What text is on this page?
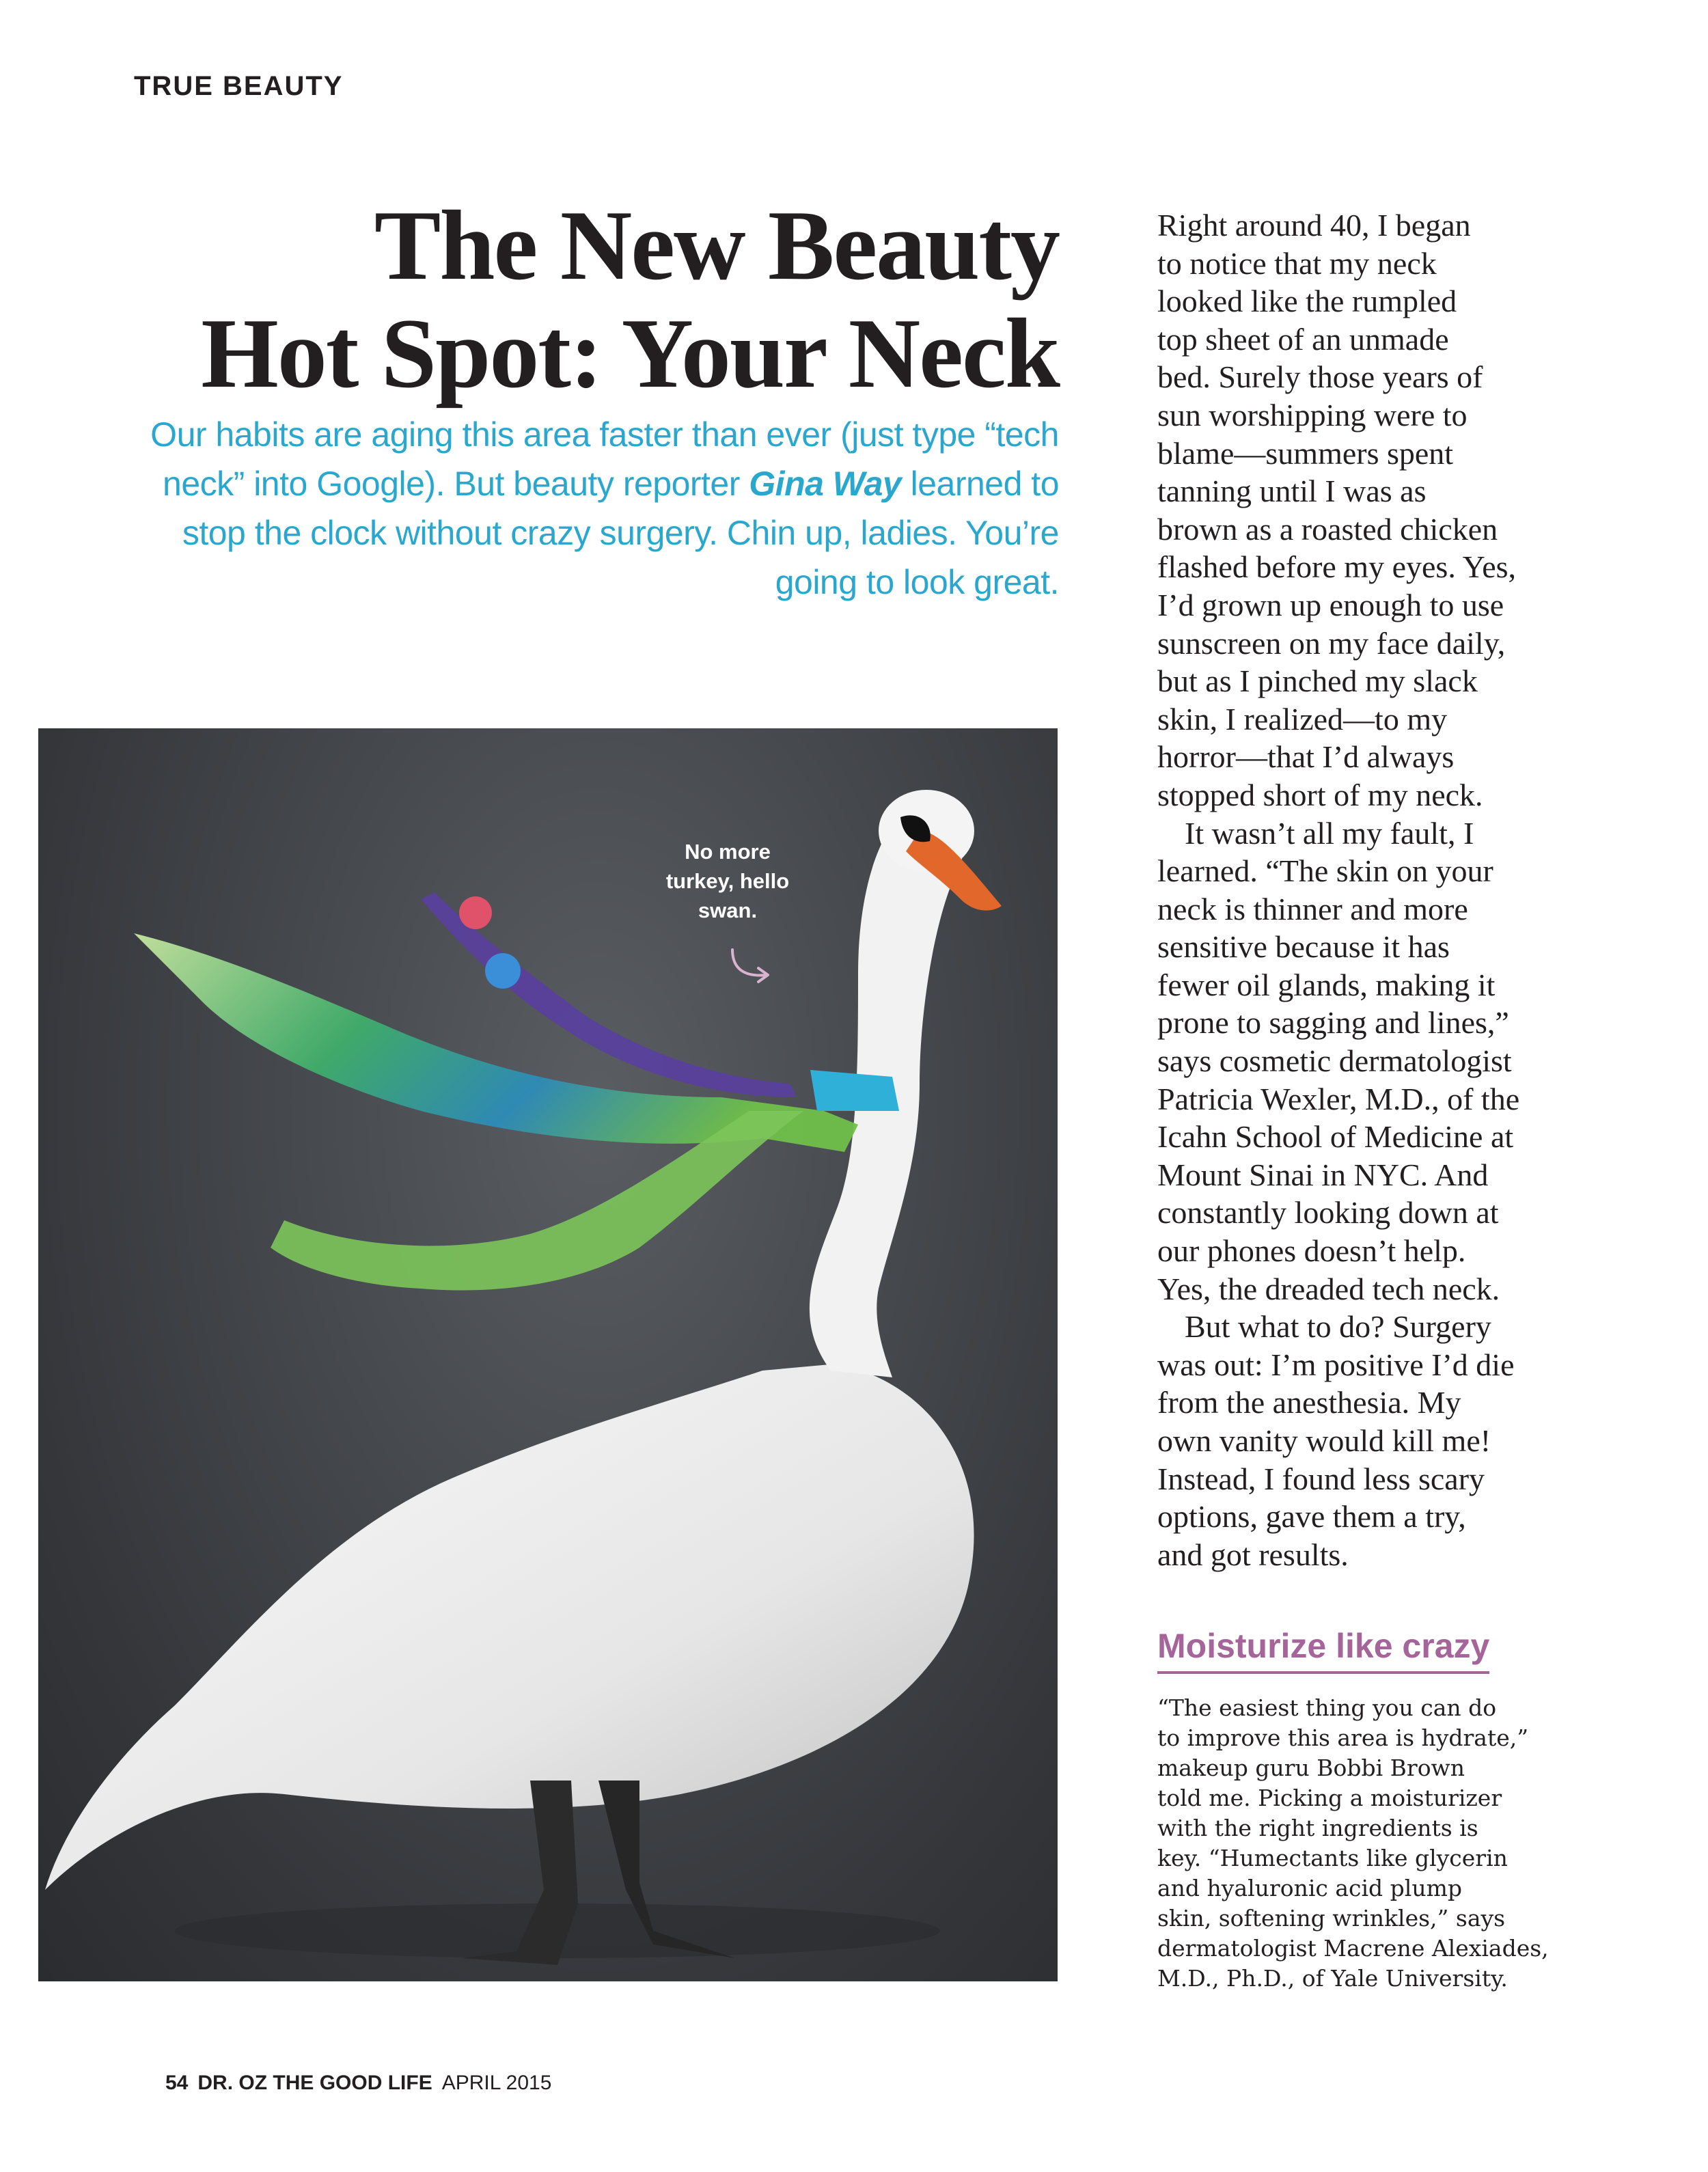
TRUE BEAUTY
The New Beauty
Hot Spot: Your Neck
Our habits are aging this area faster than ever (just type “tech neck” into Google). But beauty reporter Gina Way learned to stop the clock without crazy surgery. Chin up, ladies. You’re going to look great.
No more
turkey, hello
swan.

Right around 40, I began
to notice that my neck
looked like the rumpled
top sheet of an unmade
bed. Surely those years of
sun worshipping were to
blame—summers spent
tanning until I was as
brown as a roasted chicken
flashed before my eyes. Yes,
I’d grown up enough to use
sunscreen on my face daily,
but as I pinched my slack
skin, I realized—to my
horror—that I’d always
stopped short of my neck.

It wasn’t all my fault, I
learned. “The skin on your
neck is thinner and more
sensitive because it has
fewer oil glands, making it
prone to sagging and lines,”
says cosmetic dermatologist
Patricia Wexler, M.D., of the
Icahn School of Medicine at
Mount Sinai in NYC. And
constantly looking down at
our phones doesn’t help.
Yes, the dreaded tech neck.

But what to do? Surgery
was out: I’m positive I’d die
from the anesthesia. My
own vanity would kill me!
Instead, I found less scary
options, gave them a try,
and got results.

Moisturize like crazy
“The easiest thing you can do
to improve this area is hydrate,”
makeup guru Bobbi Brown
told me. Picking a moisturizer
with the right ingredients is
key. “Humectants like glycerin
and hyaluronic acid plump
skin, softening wrinkles,” says
dermatologist Macrene Alexiades,
M.D., Ph.D., of Yale University.
54 DR. OZ THE GOOD LIFE APRIL 2015
